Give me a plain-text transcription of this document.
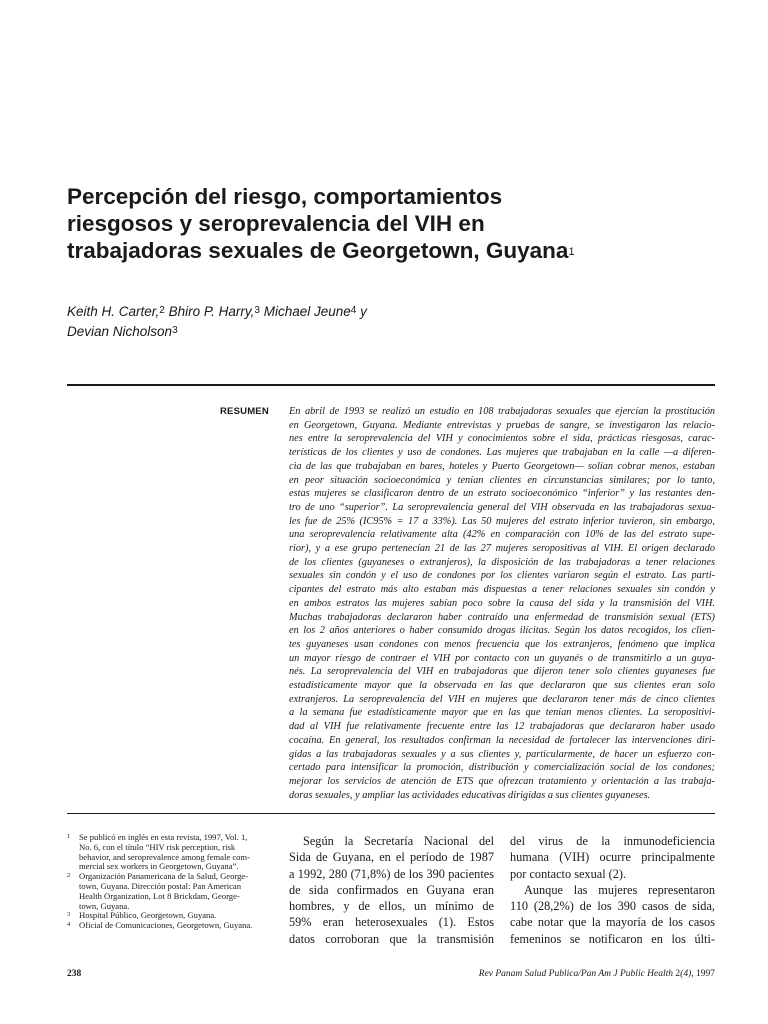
Percepción del riesgo, comportamientos
riesgosos y seroprevalencia del VIH en
trabajadoras sexuales de Georgetown, Guyana$^1$
Keith H. Carter,$^2$ Bhiro P. Harry,$^3$ Michael Jeune$^4$ y
Devian Nicholson$^3$
RESUMEN En abril de 1993 se realizó un estudio en 108 trabajadoras sexuales que ejercían la prostitución
en Georgetown, Guyana. Mediante entrevistas y pruebas de sangre, se investigaron las relacio-
nes entre la seroprevalencia del VIH y conocimientos sobre el sida, prácticas riesgosas, carac-
terísticas de los clientes y uso de condones. Las mujeres que trabajaban en la calle —a diferen-
cia de las que trabajaban en bares, hoteles y Puerto Georgetown— solían cobrar menos, estaban
en peor situación socioeconómica y tenían clientes en circunstancias similares; por lo tanto,
estas mujeres se clasificaron dentro de un estrato socioeconómico “inferior” y las restantes den-
tro de uno “superior”. La seroprevalencia general del VIH observada en las trabajadoras sexua-
les fue de 25% (IC95% = 17 a 33%). Las 50 mujeres del estrato inferior tuvieron, sin embargo,
una seroprevalencia relativamente alta (42% en comparación con 10% de las del estrato supe-
rior), y a ese grupo pertenecían 21 de las 27 mujeres seropositivas al VIH. El origen declarado
de los clientes (guyaneses o extranjeros), la disposición de las trabajadoras a tener relaciones
sexuales sin condón y el uso de condones por los clientes variaron según el estrato. Las parti-
cipantes del estrato más alto estaban más dispuestas a tener relaciones sexuales sin condón y
en ambos estratos las mujeres sabían poco sobre la causa del sida y la transmisión del VIH.
Muchas trabajadoras declararon haber contraído una enfermedad de transmisión sexual (ETS)
en los 2 años anteriores o haber consumido drogas ilícitas. Según los datos recogidos, los clien-
tes guyaneses usan condones con menos frecuencia que los extranjeros, fenómeno que implica
un mayor riesgo de contraer el VIH por contacto con un guyanés o de transmitirlo a un guya-
nés. La seroprevalencia del VIH en trabajadoras que dijeron tener solo clientes guyaneses fue
estadísticamente mayor que la observada en las que declararon que sus clientes eran solo
extranjeros. La seroprevalencia del VIH en mujeres que declararon tener más de cinco clientes
a la semana fue estadísticamente mayor que en las que tenían menos clientes. La seropositivi-
dad al VIH fue relativamente frecuente entre las 12 trabajadoras que declararon haber usado
cocaína. En general, los resultados confirman la necesidad de fortalecer las intervenciones diri-
gidas a las trabajadoras sexuales y a sus clientes y, particularmente, de hacer un esfuerzo con-
certado para intensificar la promoción, distribución y comercialización social de los condones;
mejorar los servicios de atención de ETS que ofrezcan tratamiento y orientación a las trabaja-
doras sexuales, y ampliar las actividades educativas dirigidas a sus clientes guyaneses.
1 Se publicó en inglés en esta revista, 1997, Vol. 1,
No. 6, con el título “HIV risk perception, risk
behavior, and seroprevalence among female com-
mercial sex workers in Georgetown, Guyana”.
2 Organización Panamericana de la Salud, George-
town, Guyana. Dirección postal: Pan American
Health Organization, Lot 8 Brickdam, George-
town, Guyana.
3 Hospital Público, Georgetown, Guyana.
4 Oficial de Comunicaciones, Georgetown, Guyana.
Según la Secretaría Nacional del
Sida de Guyana, en el período de 1987
a 1992, 280 (71,8%) de los 390 pacientes
de sida confirmados en Guyana eran
hombres, y de ellos, un mínimo de
59% eran heterosexuales (1). Estos
datos corroboran que la transmisión
del virus de la inmunodeficiencia
humana (VIH) ocurre principalmente
por contacto sexual (2).
Aunque las mujeres representaron
110 (28,2%) de los 390 casos de sida,
cabe notar que la mayoría de los casos
femeninos se notificaron en los últi-
238	Rev Panam Salud Publica/Pan Am J Public Health 2(4), 1997
